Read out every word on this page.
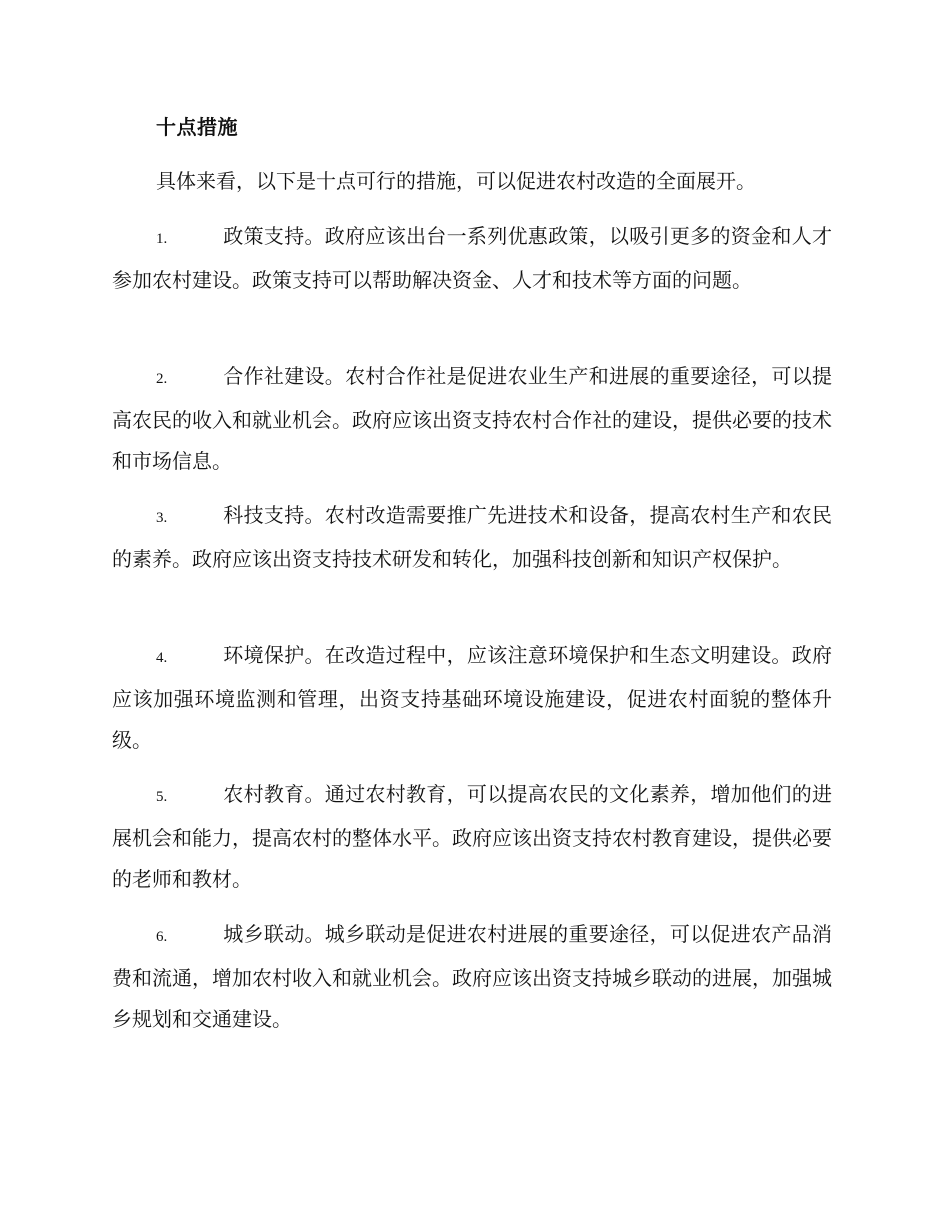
十点措施
具体来看，以下是十点可行的措施，可以促进农村改造的全面展开。
1.	政策支持。政府应该出台一系列优惠政策，以吸引更多的资金和人才参加农村建设。政策支持可以帮助解决资金、人才和技术等方面的问题。
2.	合作社建设。农村合作社是促进农业生产和进展的重要途径，可以提高农民的收入和就业机会。政府应该出资支持农村合作社的建设，提供必要的技术和市场信息。
3.	科技支持。农村改造需要推广先进技术和设备，提高农村生产和农民的素养。政府应该出资支持技术研发和转化，加强科技创新和知识产权保护。
4.	环境保护。在改造过程中，应该注意环境保护和生态文明建设。政府应该加强环境监测和管理，出资支持基础环境设施建设，促进农村面貌的整体升级。
5.	农村教育。通过农村教育，可以提高农民的文化素养，增加他们的进展机会和能力，提高农村的整体水平。政府应该出资支持农村教育建设，提供必要的老师和教材。
6.	城乡联动。城乡联动是促进农村进展的重要途径，可以促进农产品消费和流通，增加农村收入和就业机会。政府应该出资支持城乡联动的进展，加强城乡规划和交通建设。
